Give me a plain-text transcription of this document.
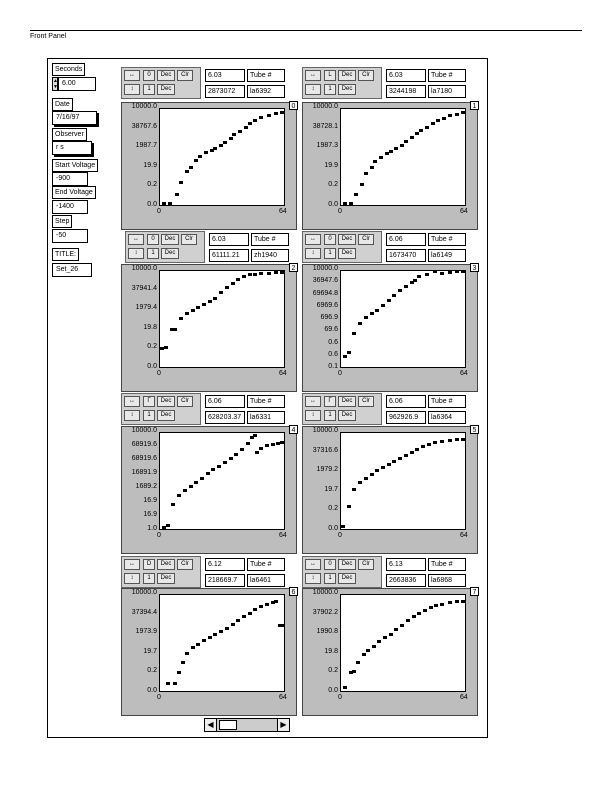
Front Panel
Seconds
▲
▼ 6.00
Date
7/16/97
Observer
r s
Start Voltage
-900
End Voltage
-1400
Step
-50
TITLE:
Set_26
↔
↕
0
1
Dec
Dec
Clr	6.03	Tube #
2873072	la6392
0
10000.0
38767.6
1987.7
19.9
0.2
0.0
0	64
↔
↕
L
1
Dec
Dec
Clr	6.03	Tube #
3244198	la7180
1
10000.0
38728.1
1987.3
19.9
0.2
0.0
0	64
↔
↕
0
1
Dec
Dec
Clr	6.03	Tube #
61111.21	zh1940
2
10000.0
37941.4
1979.4
19.8
0.2
0.0
0	64
↔
↕
0
1
Dec
Dec
Clr	6.06	Tube #
1673470	la6149
3
10000.0
36947.6
69694.8
6969.6
696.9
69.6
0.6
0.6
0.1
0	64
↔
↕
Γ
1
Dec
Dec
Clr	6.06	Tube #
628203.37	la6331
4
10000.0
68919.6
68919.6
16891.9
1689.2
16.9
16.9
1.0
0	64
↔
↕
Γ
1
Dec
Dec
Clr	6.06	Tube #
962926.9	la6364
5
10000.0
37316.6
1979.2
19.7
0.2
0.0
0	64
↔
↕
D
1
Dec
Dec
Clr	6.12	Tube #
218669.7	la6461
6
10000.0
37394.4
1973.9
19.7
0.2
0.0
0	64
↔
↕
0
1
Dec
Dec
Clr	6.13	Tube #
2663836	la6868
7
10000.0
37902.2
1990.8
19.8
0.2
0.0
0	64
◀	▶
